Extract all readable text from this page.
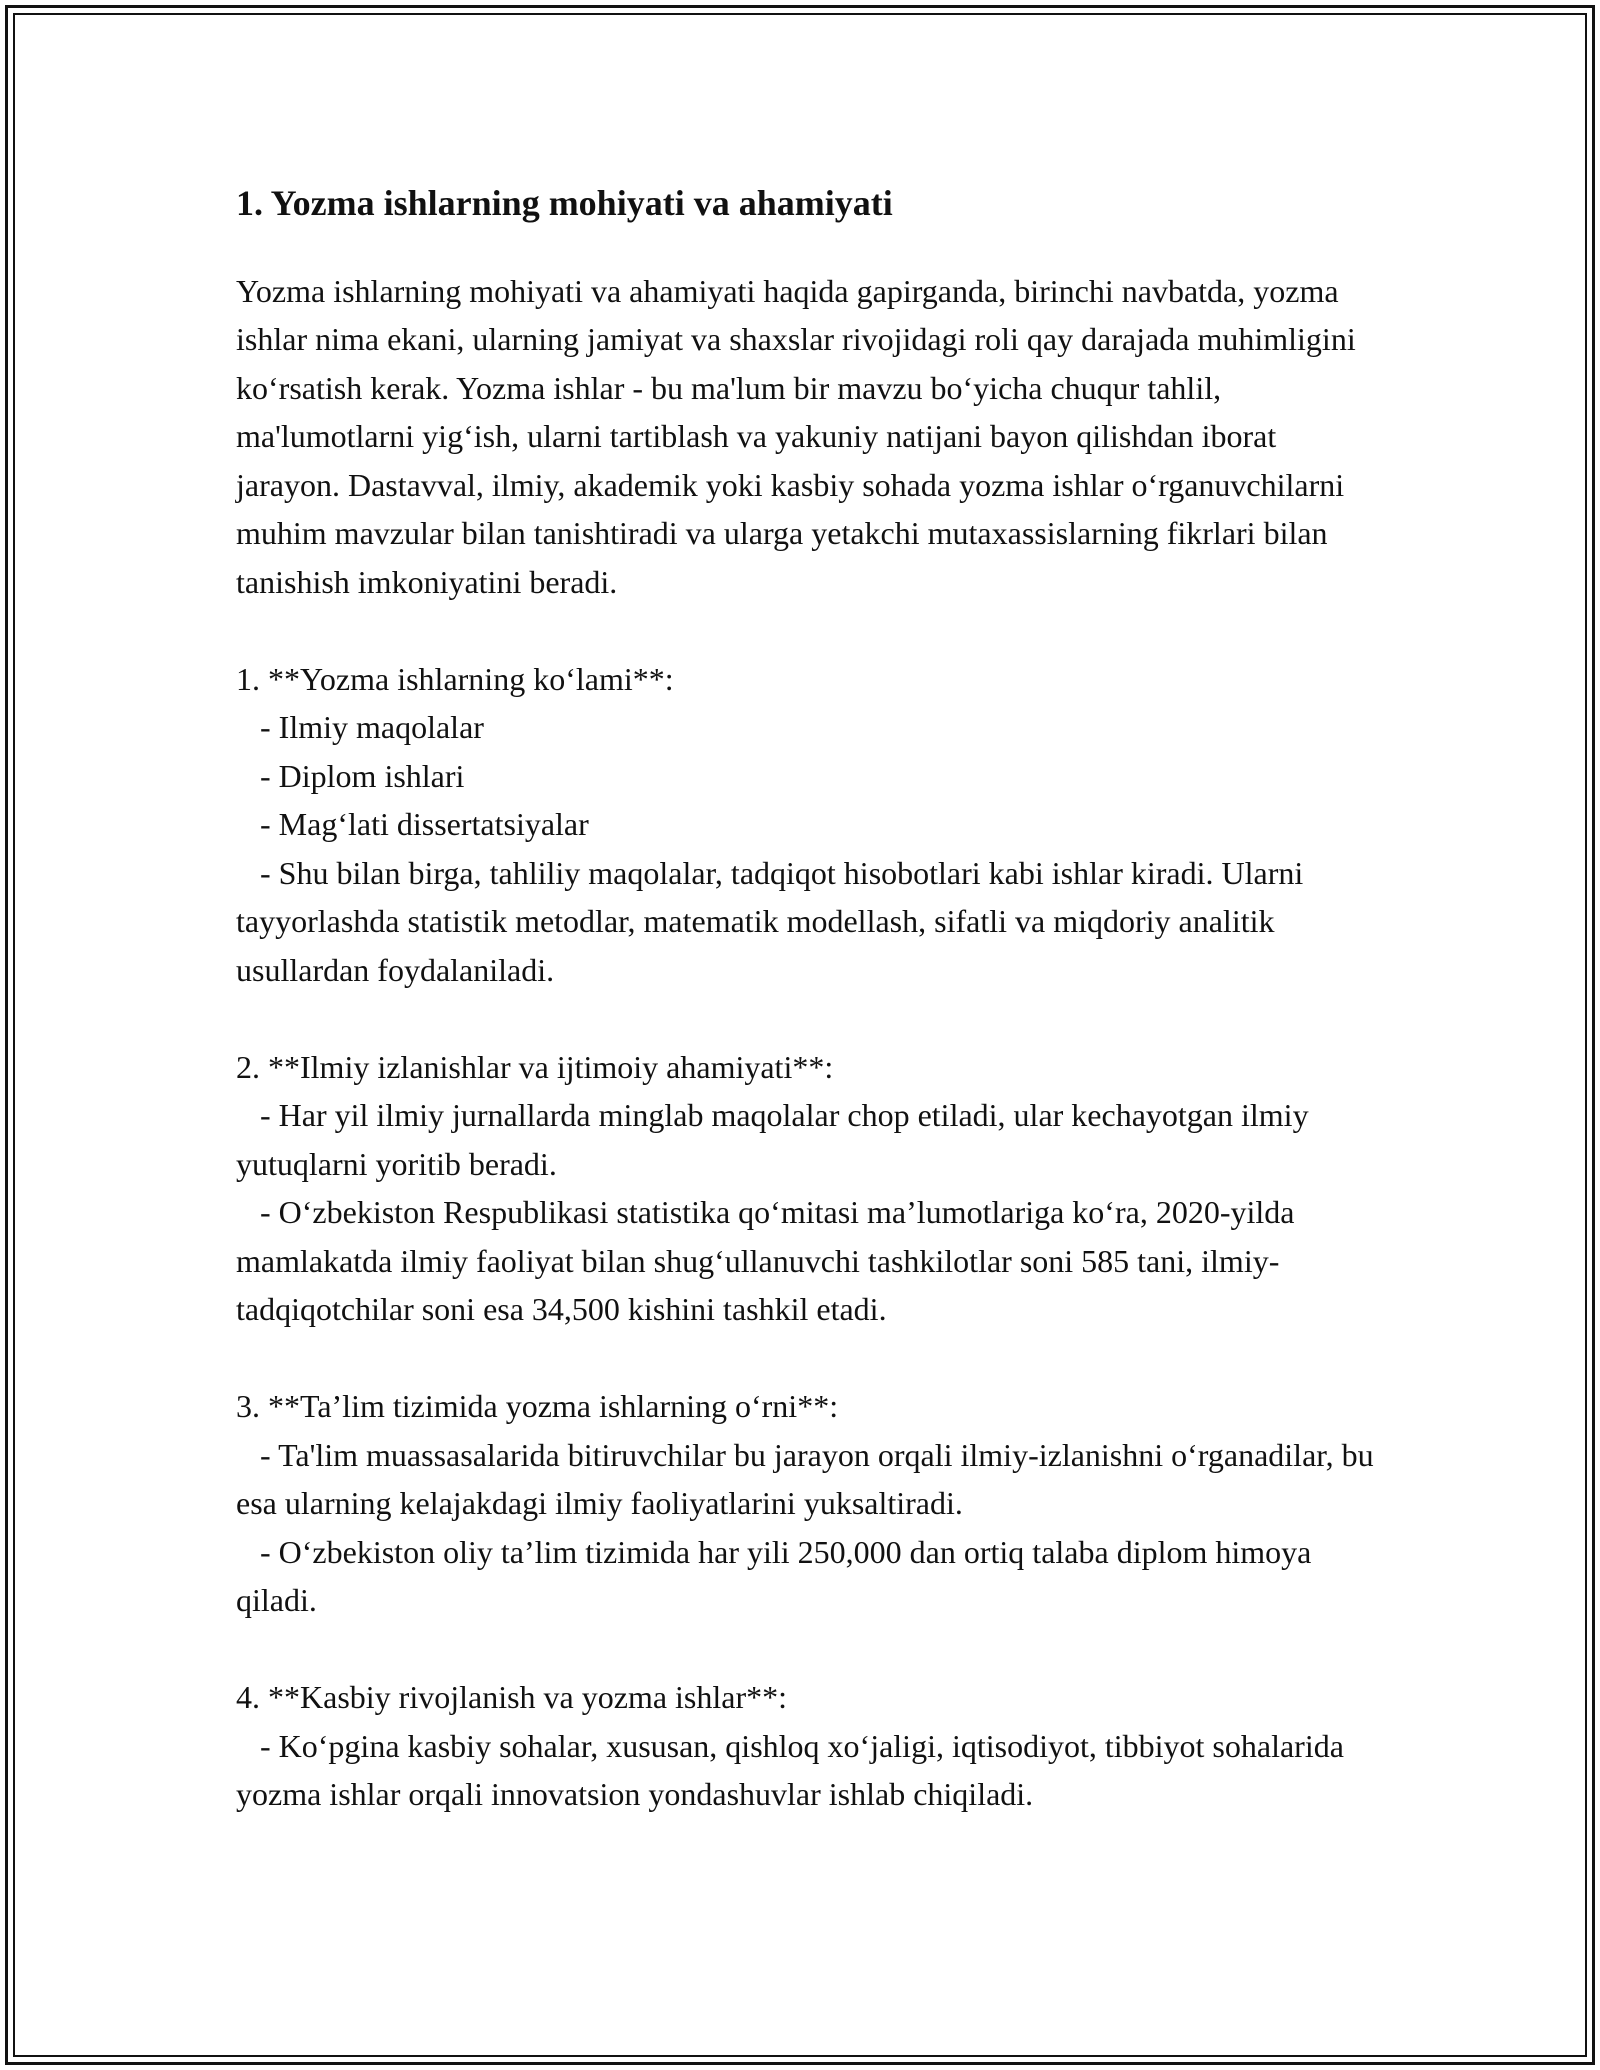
1. Yozma ishlarning mohiyati va ahamiyati

Yozma ishlarning mohiyati va ahamiyati haqida gapirganda, birinchi navbatda, yozma ishlar nima ekani, ularning jamiyat va shaxslar rivojidagi roli qay darajada muhimligini ko‘rsatish kerak. Yozma ishlar - bu ma'lum bir mavzu bo‘yicha chuqur tahlil, ma'lumotlarni yig‘ish, ularni tartiblash va yakuniy natijani bayon qilishdan iborat jarayon. Dastavval, ilmiy, akademik yoki kasbiy sohada yozma ishlar o‘rganuvchilarni muhim mavzular bilan tanishtiradi va ularga yetakchi mutaxassislarning fikrlari bilan tanishish imkoniyatini beradi.

1. **Yozma ishlarning ko‘lami**:
- Ilmiy maqolalar
- Diplom ishlari
- Mag‘lati dissertatsiyalar
- Shu bilan birga, tahliliy maqolalar, tadqiqot hisobotlari kabi ishlar kiradi. Ularni tayyorlashda statistik metodlar, matematik modellash, sifatli va miqdoriy analitik usullardan foydalaniladi.
2. **Ilmiy izlanishlar va ijtimoiy ahamiyati**:
- Har yil ilmiy jurnallarda minglab maqolalar chop etiladi, ular kechayotgan ilmiy yutuqlarni yoritib beradi.
- O‘zbekiston Respublikasi statistika qo‘mitasi ma’lumotlariga ko‘ra, 2020-yilda mamlakatda ilmiy faoliyat bilan shug‘ullanuvchi tashkilotlar soni 585 tani, ilmiy-tadqiqotchilar soni esa 34,500 kishini tashkil etadi.
3. **Ta’lim tizimida yozma ishlarning o‘rni**:
- Ta'lim muassasalarida bitiruvchilar bu jarayon orqali ilmiy-izlanishni o‘rganadilar, bu esa ularning kelajakdagi ilmiy faoliyatlarini yuksaltiradi.
- O‘zbekiston oliy ta’lim tizimida har yili 250,000 dan ortiq talaba diplom himoya qiladi.
4. **Kasbiy rivojlanish va yozma ishlar**:
- Ko‘pgina kasbiy sohalar, xususan, qishloq xo‘jaligi, iqtisodiyot, tibbiyot sohalarida yozma ishlar orqali innovatsion yondashuvlar ishlab chiqiladi.
